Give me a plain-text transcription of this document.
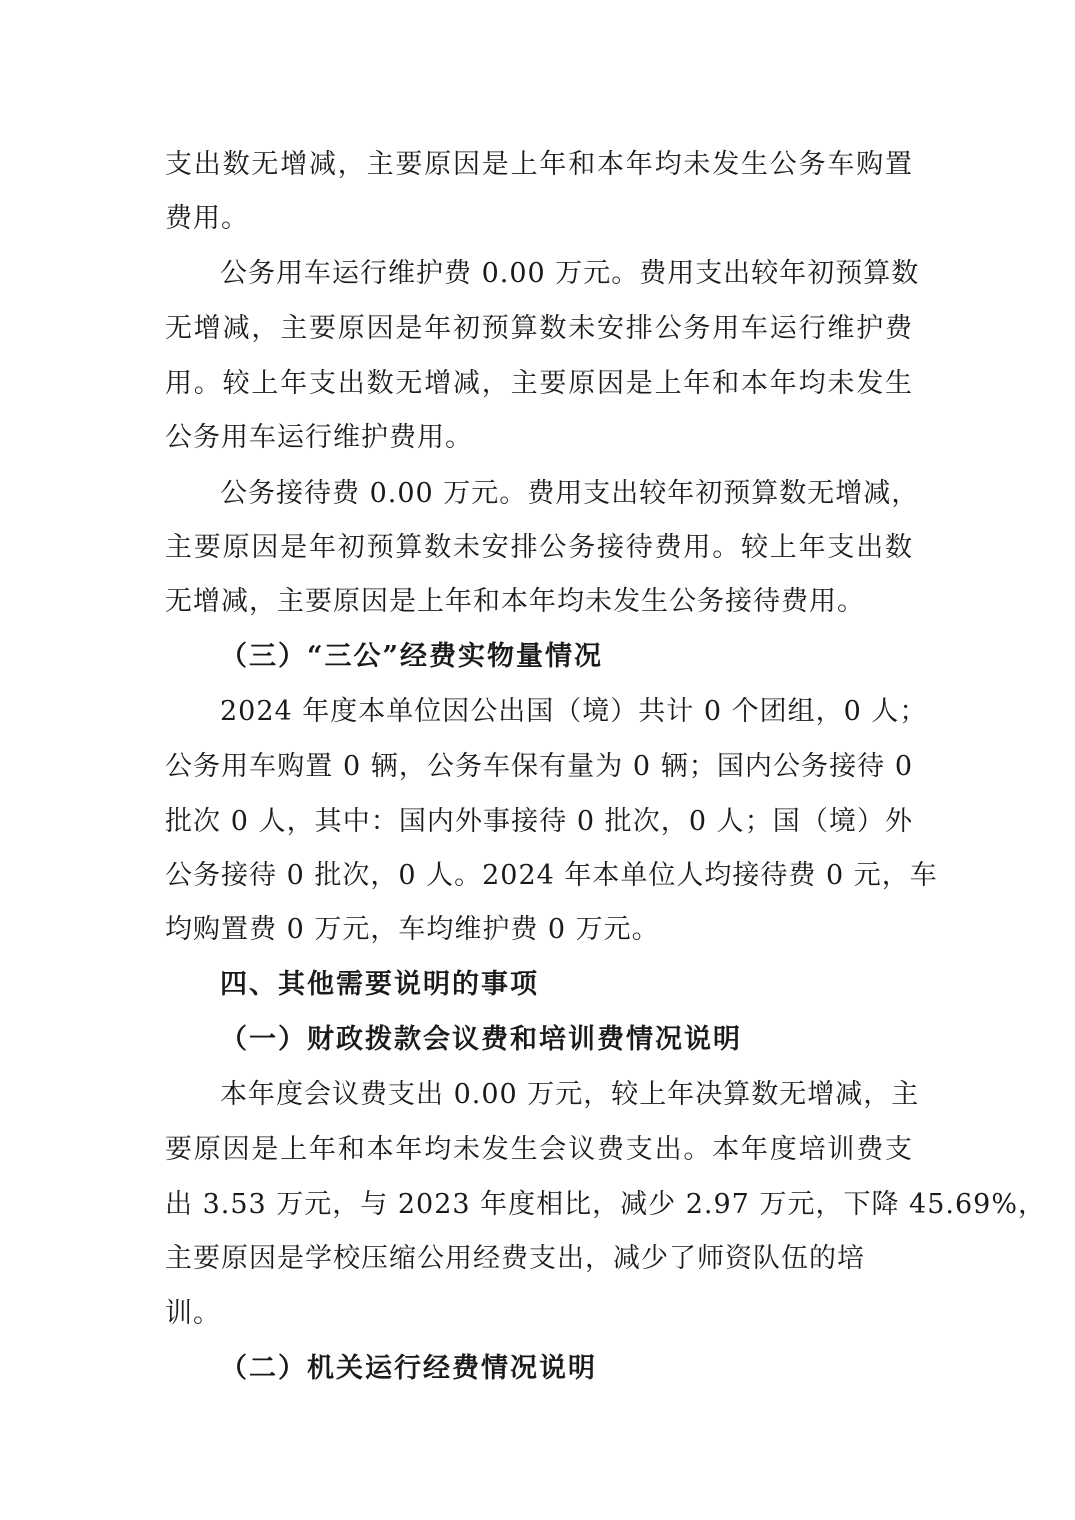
支出数无增减，主要原因是上年和本年均未发生公务车购置
费用。
公务用车运行维护费 0.00 万元。费用支出较年初预算数
无增减，主要原因是年初预算数未安排公务用车运行维护费
用。较上年支出数无增减，主要原因是上年和本年均未发生
公务用车运行维护费用。
公务接待费 0.00 万元。费用支出较年初预算数无增减，
主要原因是年初预算数未安排公务接待费用。较上年支出数
无增减，主要原因是上年和本年均未发生公务接待费用。
（三）“三公”经费实物量情况
2024 年度本单位因公出国（境）共计 0 个团组，0 人；
公务用车购置 0 辆，公务车保有量为 0 辆；国内公务接待 0
批次 0 人，其中：国内外事接待 0 批次，0 人；国（境）外
公务接待 0 批次，0 人。2024 年本单位人均接待费 0 元，车
均购置费 0 万元，车均维护费 0 万元。
四、其他需要说明的事项
（一）财政拨款会议费和培训费情况说明
本年度会议费支出 0.00 万元，较上年决算数无增减，主
要原因是上年和本年均未发生会议费支出。本年度培训费支
出 3.53 万元，与 2023 年度相比，减少 2.97 万元，下降 45.69%，
主要原因是学校压缩公用经费支出，减少了师资队伍的培
训。
（二）机关运行经费情况说明
